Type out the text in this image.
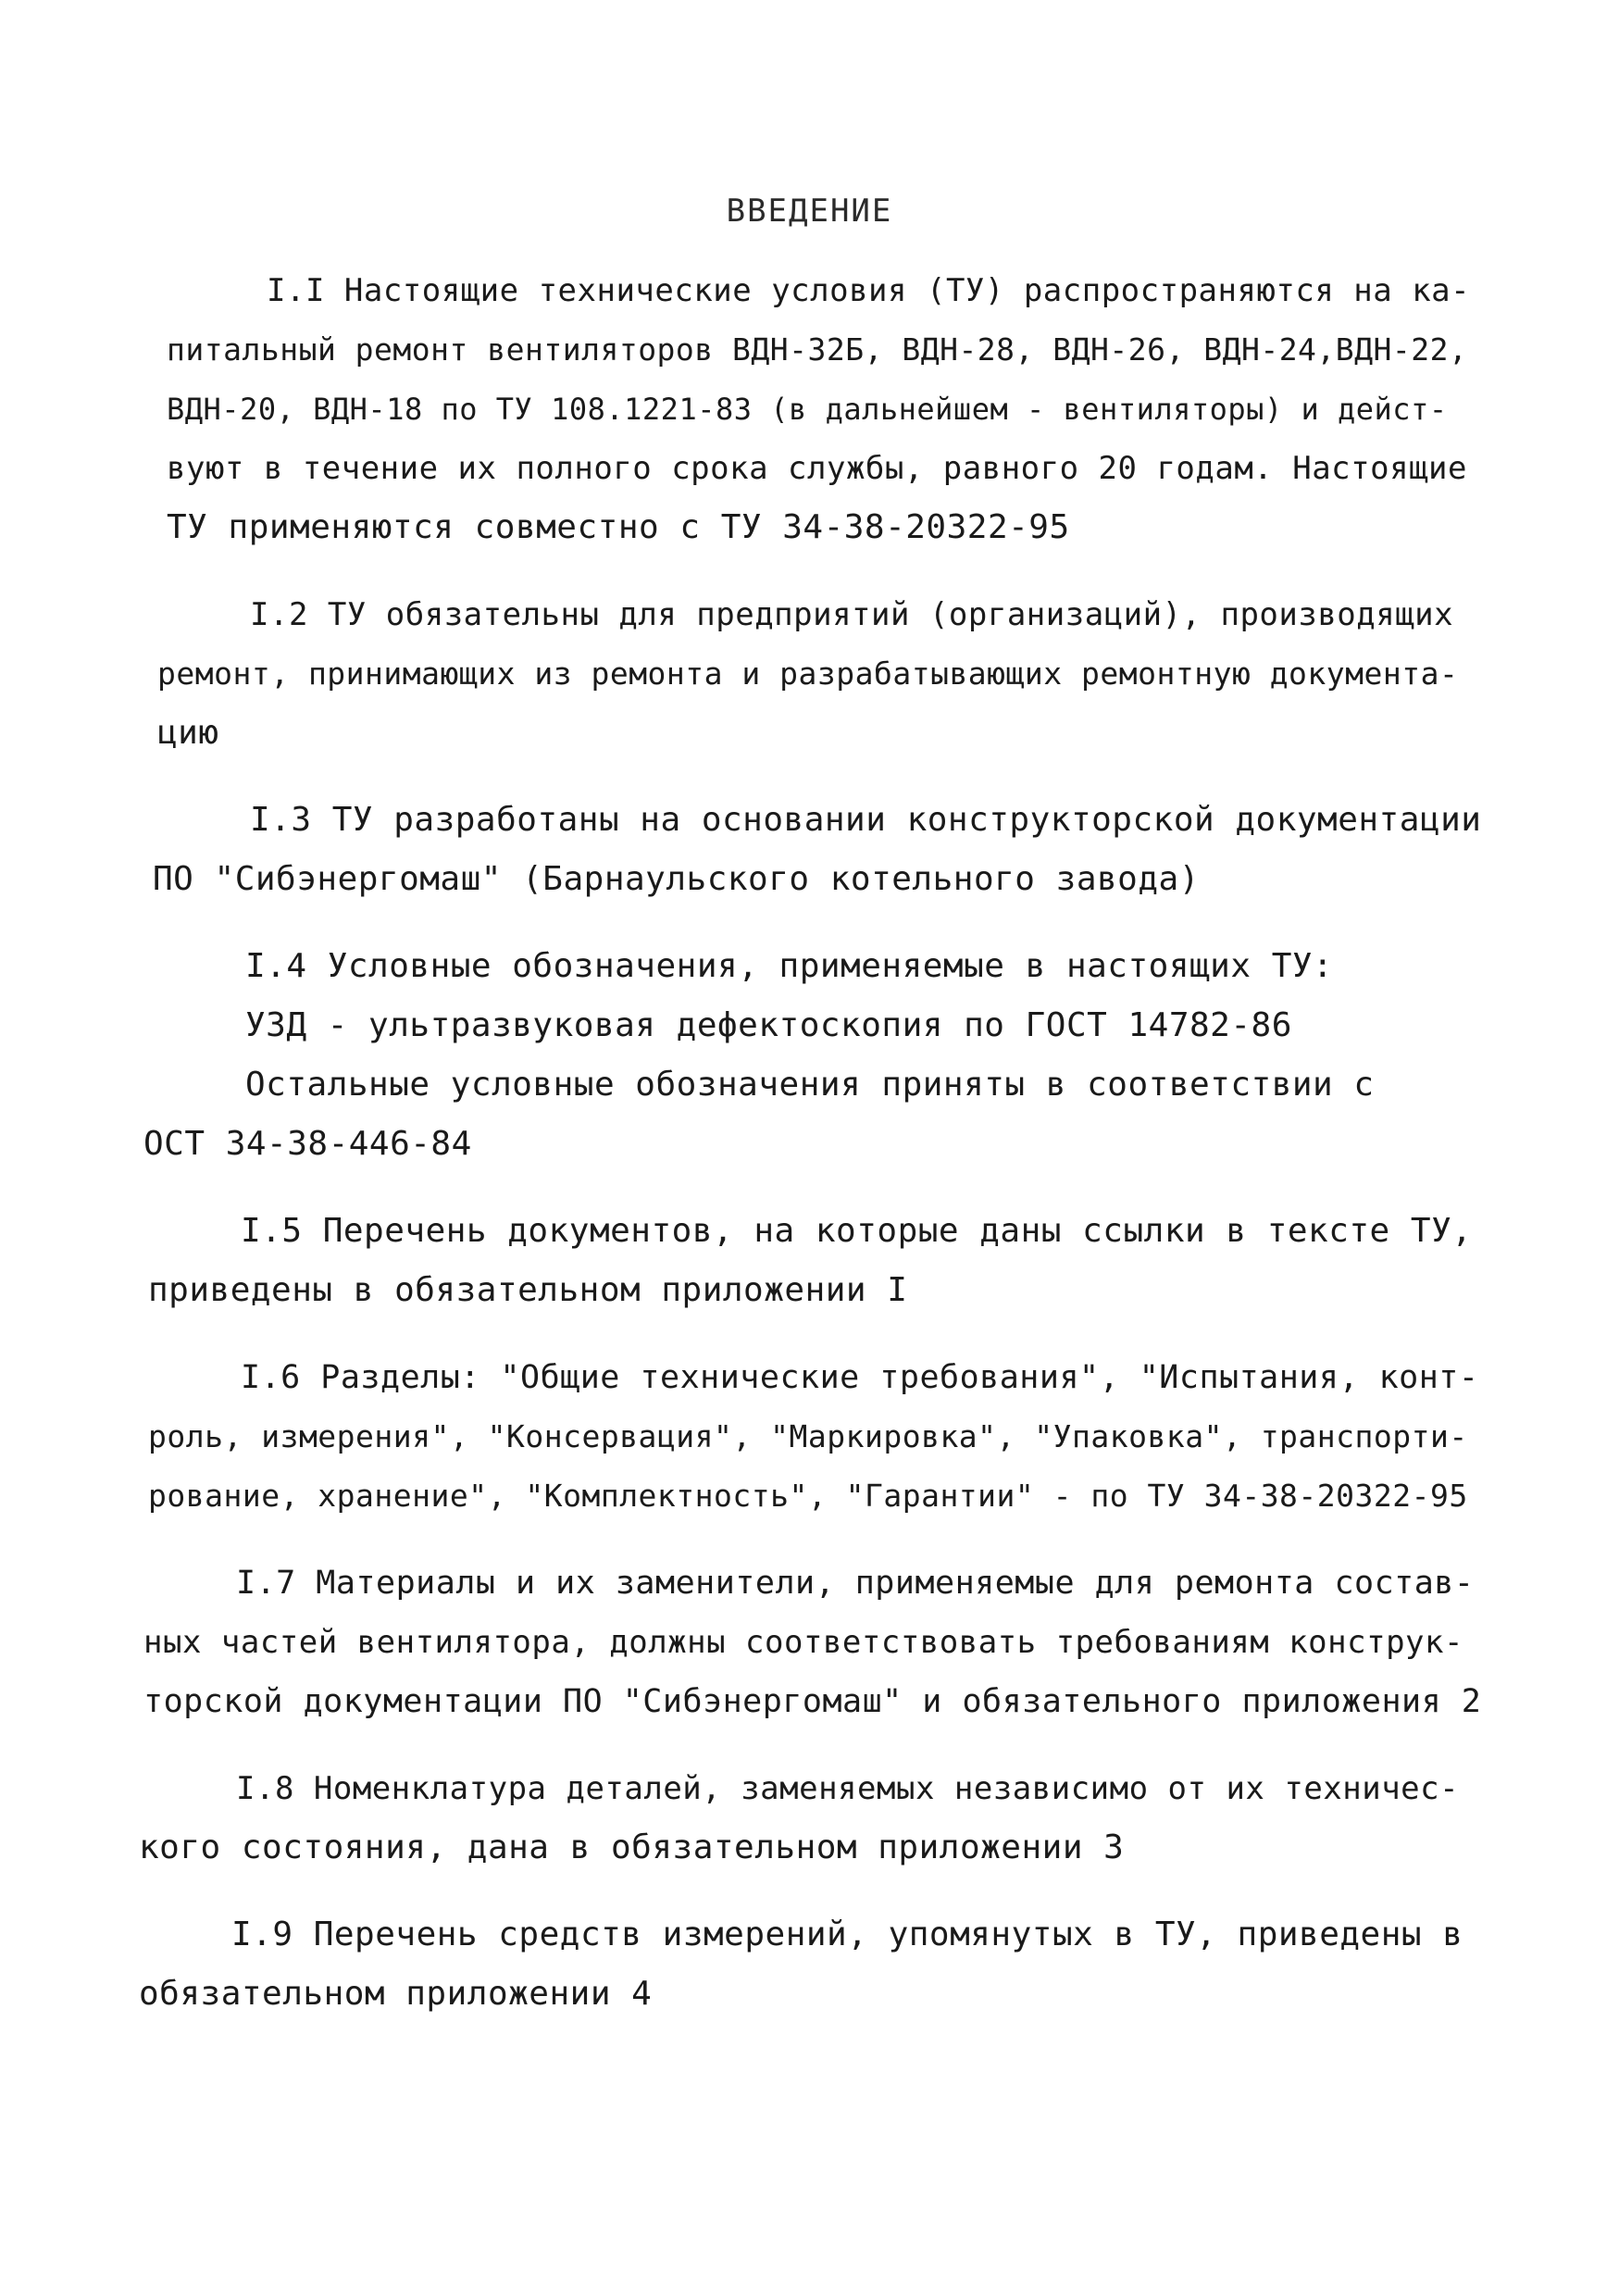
ВВЕДЕНИЕ
І.І Настоящие технические условия (ТУ) распространяются на ка-
питальный ремонт вентиляторов ВДН-32Б, ВДН-28, ВДН-26, ВДН-24,ВДН-22,
ВДН-20, ВДН-18 по ТУ 108.1221-83 (в дальнейшем - вентиляторы) и дейст-
вуют в течение их полного срока службы, равного 20 годам. Настоящие
ТУ применяются совместно с ТУ 34-38-20322-95
І.2 ТУ обязательны для предприятий (организаций), производящих
ремонт, принимающих из ремонта и разрабатывающих ремонтную документа-
цию
І.3 ТУ разработаны на основании конструкторской документации
ПО "Сибэнергомаш" (Барнаульского котельного завода)
І.4 Условные обозначения, применяемые в настоящих ТУ:
УЗД - ультразвуковая дефектоскопия по ГОСТ 14782-86
Остальные условные обозначения приняты в соответствии с
ОСТ 34-38-446-84
І.5 Перечень документов, на которые даны ссылки в тексте ТУ,
приведены в обязательном приложении І
І.6 Разделы: "Общие технические требования", "Испытания, конт-
роль, измерения", "Консервация", "Маркировка", "Упаковка", транспорти-
рование, хранение", "Комплектность", "Гарантии" - по ТУ 34-38-20322-95
І.7 Материалы и их заменители, применяемые для ремонта состав-
ных частей вентилятора, должны соответствовать требованиям конструк-
торской документации ПО "Сибэнергомаш" и обязательного приложения 2
І.8 Номенклатура деталей, заменяемых независимо от их техничес-
кого состояния, дана в обязательном приложении 3
І.9 Перечень средств измерений, упомянутых в ТУ, приведены в
обязательном приложении 4
